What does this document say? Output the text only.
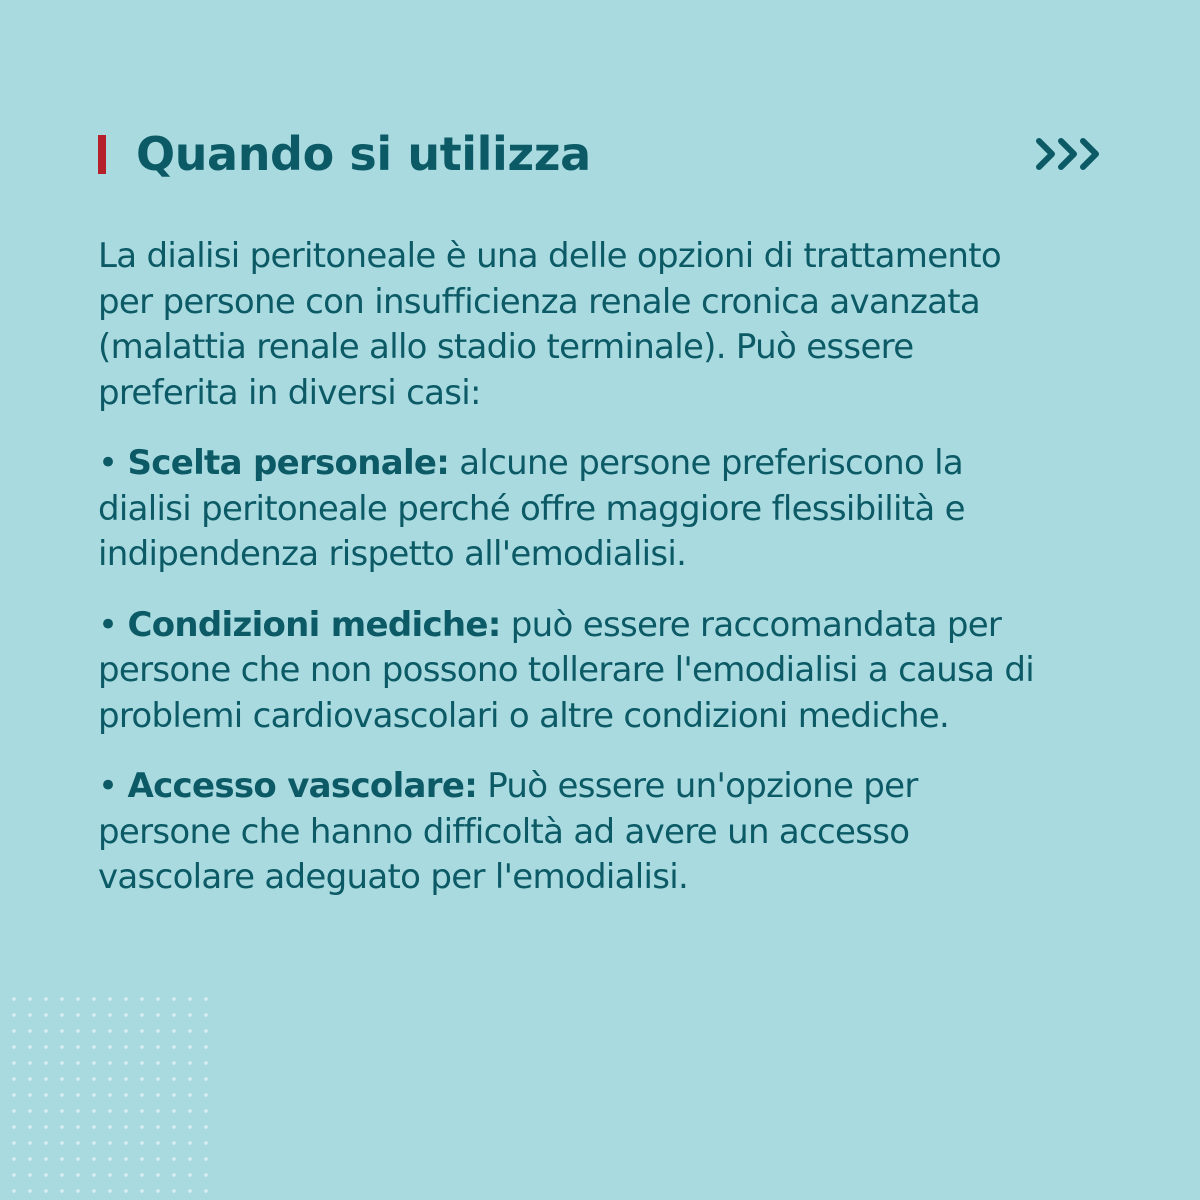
Quando si utilizza

La dialisi peritoneale è una delle opzioni di trattamento per persone con insufficienza renale cronica avanzata (malattia renale allo stadio terminale). Può essere preferita in diversi casi:

• Scelta personale: alcune persone preferiscono la dialisi peritoneale perché offre maggiore flessibilità e indipendenza rispetto all'emodialisi.

• Condizioni mediche: può essere raccomandata per persone che non possono tollerare l'emodialisi a causa di problemi cardiovascolari o altre condizioni mediche.

• Accesso vascolare: Può essere un'opzione per persone che hanno difficoltà ad avere un accesso vascolare adeguato per l'emodialisi.
